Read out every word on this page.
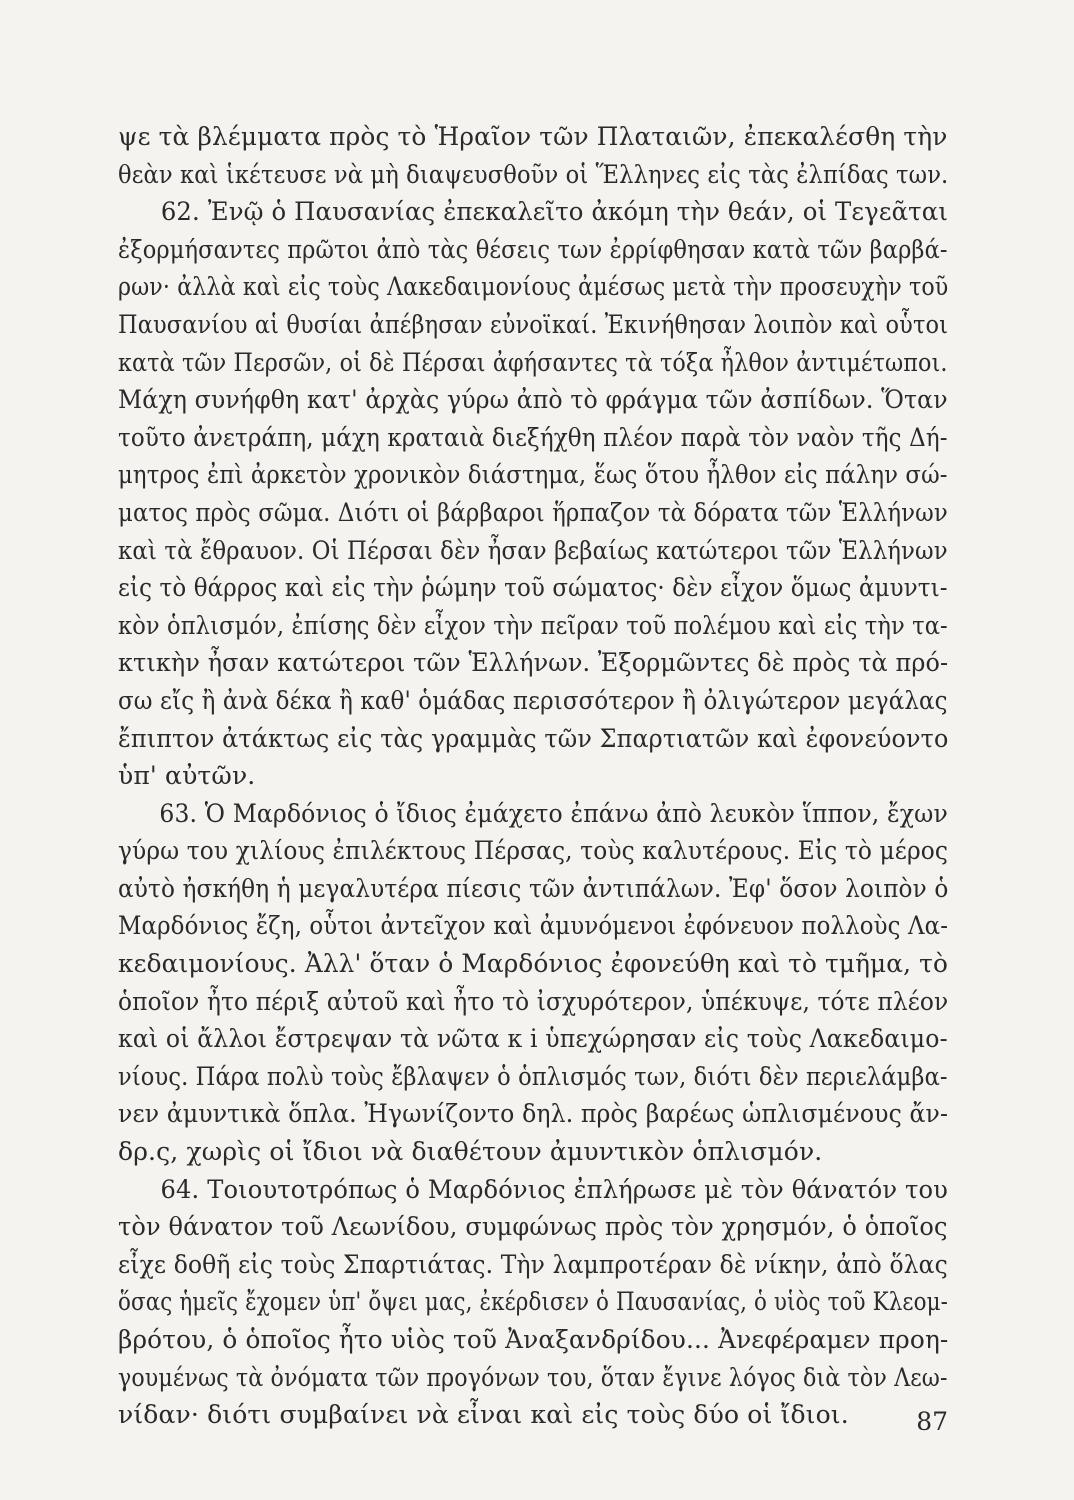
ψε τὰ βλέμματα πρὸς τὸ Ἡραῖον τῶν Πλαταιῶν, ἐπεκαλέσθη τὴν
θεὰν καὶ ἱκέτευσε νὰ μὴ διαψευσθοῦν οἱ Ἕλληνες εἰς τὰς ἐλπίδας των.
62. Ἐνῷ ὁ Παυσανίας ἐπεκαλεῖτο ἀκόμη τὴν θεάν, οἱ Τεγεᾶται
ἐξορμήσαντες πρῶτοι ἀπὸ τὰς θέσεις των ἐρρίφθησαν κατὰ τῶν βαρβά-
ρων· ἀλλὰ καὶ εἰς τοὺς Λακεδαιμονίους ἀμέσως μετὰ τὴν προσευχὴν τοῦ
Παυσανίου αἱ θυσίαι ἀπέβησαν εὐνοϊκαί. Ἐκινήθησαν λοιπὸν καὶ οὗτοι
κατὰ τῶν Περσῶν, οἱ δὲ Πέρσαι ἀφήσαντες τὰ τόξα ἦλθον ἀντιμέτωποι.
Μάχη συνήφθη κατ' ἀρχὰς γύρω ἀπὸ τὸ φράγμα τῶν ἀσπίδων. Ὅταν
τοῦτο ἀνετράπη, μάχη κραταιὰ διεξήχθη πλέον παρὰ τὸν ναὸν τῆς Δή-
μητρος ἐπὶ ἀρκετὸν χρονικὸν διάστημα, ἕως ὅτου ἦλθον εἰς πάλην σώ-
ματος πρὸς σῶμα. Διότι οἱ βάρβαροι ἥρπαζον τὰ δόρατα τῶν Ἑλλήνων
καὶ τὰ ἔθραυον. Οἱ Πέρσαι δὲν ἦσαν βεβαίως κατώτεροι τῶν Ἑλλήνων
εἰς τὸ θάρρος καὶ εἰς τὴν ῥώμην τοῦ σώματος· δὲν εἶχον ὅμως ἀμυντι-
κὸν ὁπλισμόν, ἐπίσης δὲν εἶχον τὴν πεῖραν τοῦ πολέμου καὶ εἰς τὴν τα-
κτικὴν ἦσαν κατώτεροι τῶν Ἑλλήνων. Ἐξορμῶντες δὲ πρὸς τὰ πρό-
σω εἴς ἢ ἀνὰ δέκα ἢ καθ' ὁμάδας περισσότερον ἢ ὀλιγώτερον μεγάλας
ἔπιπτον ἀτάκτως εἰς τὰς γραμμὰς τῶν Σπαρτιατῶν καὶ ἐφονεύοντο
ὑπ' αὐτῶν.
63. Ὁ Μαρδόνιος ὁ ἴδιος ἐμάχετο ἐπάνω ἀπὸ λευκὸν ἵππον, ἔχων
γύρω του χιλίους ἐπιλέκτους Πέρσας, τοὺς καλυτέρους. Εἰς τὸ μέρος
αὐτὸ ἠσκήθη ἡ μεγαλυτέρα πίεσις τῶν ἀντιπάλων. Ἐφ' ὅσον λοιπὸν ὁ
Μαρδόνιος ἔζη, οὗτοι ἀντεῖχον καὶ ἀμυνόμενοι ἐφόνευον πολλοὺς Λα-
κεδαιμονίους. Ἀλλ' ὅταν ὁ Μαρδόνιος ἐφονεύθη καὶ τὸ τμῆμα, τὸ
ὁποῖον ἦτο πέριξ αὐτοῦ καὶ ἦτο τὸ ἰσχυρότερον, ὑπέκυψε, τότε πλέον
καὶ οἱ ἄλλοι ἔστρεψαν τὰ νῶτα κ i ὑπεχώρησαν εἰς τοὺς Λακεδαιμο-
νίους. Πάρα πολὺ τοὺς ἔβλαψεν ὁ ὁπλισμός των, διότι δὲν περιελάμβα-
νεν ἀμυντικὰ ὅπλα. Ἠγωνίζοντο δηλ. πρὸς βαρέως ὡπλισμένους ἄν-
δρ.ς, χωρὶς οἱ ἴδιοι νὰ διαθέτουν ἀμυντικὸν ὁπλισμόν.
64. Τοιουτοτρόπως ὁ Μαρδόνιος ἐπλήρωσε μὲ τὸν θάνατόν του
τὸν θάνατον τοῦ Λεωνίδου, συμφώνως πρὸς τὸν χρησμόν, ὁ ὁποῖος
εἶχε δοθῆ εἰς τοὺς Σπαρτιάτας. Τὴν λαμπροτέραν δὲ νίκην, ἀπὸ ὅλας
ὅσας ἡμεῖς ἔχομεν ὑπ' ὄψει μας, ἐκέρδισεν ὁ Παυσανίας, ὁ υἱὸς τοῦ Κλεομ-
βρότου, ὁ ὁποῖος ἦτο υἱὸς τοῦ Ἀναξανδρίδου... Ἀνεφέραμεν προη-
γουμένως τὰ ὀνόματα τῶν προγόνων του, ὅταν ἔγινε λόγος διὰ τὸν Λεω-
νίδαν· διότι συμβαίνει νὰ εἶναι καὶ εἰς τοὺς δύο οἱ ἴδιοι.	87
